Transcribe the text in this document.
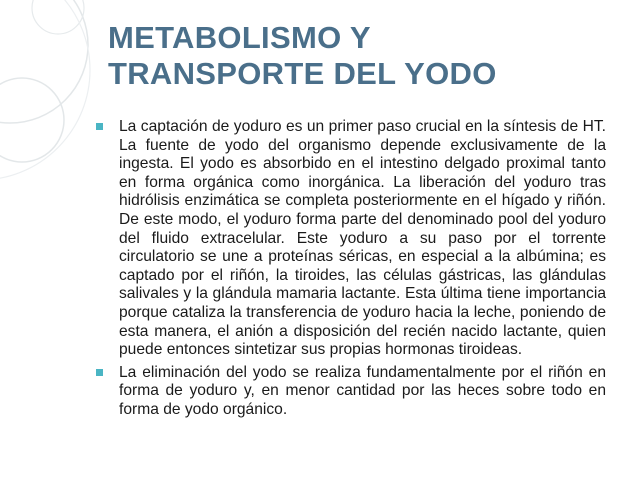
METABOLISMO Y
TRANSPORTE DEL YODO

La captación de yoduro es un primer paso crucial en la síntesis de HT. La fuente de yodo del organismo depende exclusivamente de la ingesta. El yodo es absorbido en el intestino delgado proximal tanto en forma orgánica como inorgánica. La liberación del yoduro tras hidrólisis enzimática se completa posteriormente en el hígado y riñón. De este modo, el yoduro forma parte del denominado pool del yoduro del fluido extracelular. Este yoduro a su paso por el torrente circulatorio se une a proteínas séricas, en especial a la albúmina; es captado por el riñón, la tiroides, las células gástricas, las glándulas salivales y la glándula mamaria lactante. Esta última tiene importancia porque cataliza la transferencia de yoduro hacia la leche, poniendo de esta manera, el anión a disposición del recién nacido lactante, quien puede entonces sintetizar sus propias hormonas tiroideas.

La eliminación del yodo se realiza fundamentalmente por el riñón en forma de yoduro y, en menor cantidad por las heces sobre todo en forma de yodo orgánico.
